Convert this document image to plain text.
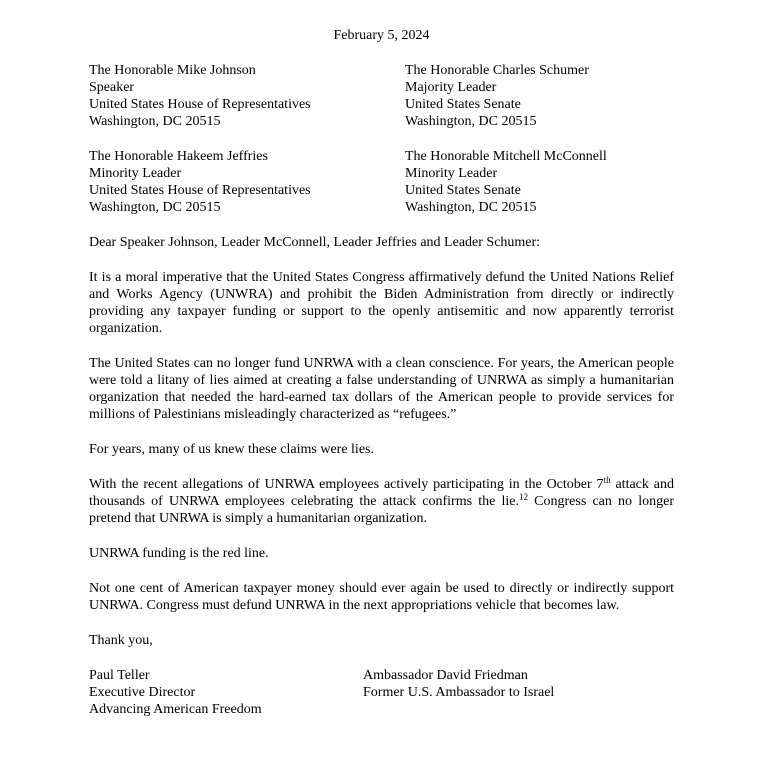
February 5, 2024
The Honorable Mike Johnson
Speaker
United States House of Representatives
Washington, DC 20515
The Honorable Charles Schumer
Majority Leader
United States Senate
Washington, DC 20515
The Honorable Hakeem Jeffries
Minority Leader
United States House of Representatives
Washington, DC 20515
The Honorable Mitchell McConnell
Minority Leader
United States Senate
Washington, DC 20515
Dear Speaker Johnson, Leader McConnell, Leader Jeffries and Leader Schumer:
It is a moral imperative that the United States Congress affirmatively defund the United Nations Relief and Works Agency (UNWRA) and prohibit the Biden Administration from directly or indirectly providing any taxpayer funding or support to the openly antisemitic and now apparently terrorist organization.
The United States can no longer fund UNRWA with a clean conscience. For years, the American people were told a litany of lies aimed at creating a false understanding of UNRWA as simply a humanitarian organization that needed the hard-earned tax dollars of the American people to provide services for millions of Palestinians misleadingly characterized as “refugees.”
For years, many of us knew these claims were lies.
With the recent allegations of UNRWA employees actively participating in the October 7th attack and thousands of UNRWA employees celebrating the attack confirms the lie.$^{12}$ Congress can no longer pretend that UNRWA is simply a humanitarian organization.
UNRWA funding is the red line.
Not one cent of American taxpayer money should ever again be used to directly or indirectly support UNRWA. Congress must defund UNRWA in the next appropriations vehicle that becomes law.
Thank you,
Paul Teller
Executive Director
Advancing American Freedom
Ambassador David Friedman
Former U.S. Ambassador to Israel
